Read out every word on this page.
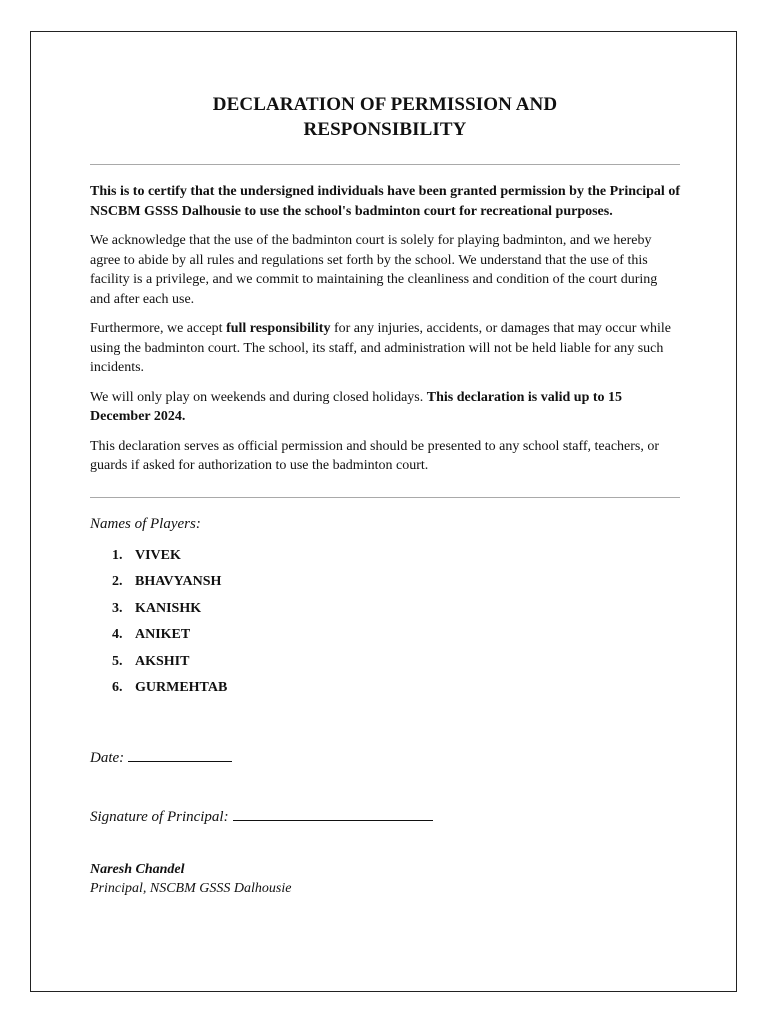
DECLARATION OF PERMISSION AND
RESPONSIBILITY

This is to certify that the undersigned individuals have been granted permission by the Principal of NSCBM GSSS Dalhousie to use the school's badminton court for recreational purposes.

We acknowledge that the use of the badminton court is solely for playing badminton, and we hereby agree to abide by all rules and regulations set forth by the school. We understand that the use of this facility is a privilege, and we commit to maintaining the cleanliness and condition of the court during and after each use.

Furthermore, we accept full responsibility for any injuries, accidents, or damages that may occur while using the badminton court. The school, its staff, and administration will not be held liable for any such incidents.

We will only play on weekends and during closed holidays. This declaration is valid up to 15 December 2024.

This declaration serves as official permission and should be presented to any school staff, teachers, or guards if asked for authorization to use the badminton court.

Names of Players:
1. VIVEK
2. BHAVYANSH
3. KANISHK
4. ANIKET
5. AKSHIT
6. GURMEHTAB
Date:
Signature of Principal:
Naresh Chandel
Principal, NSCBM GSSS Dalhousie
